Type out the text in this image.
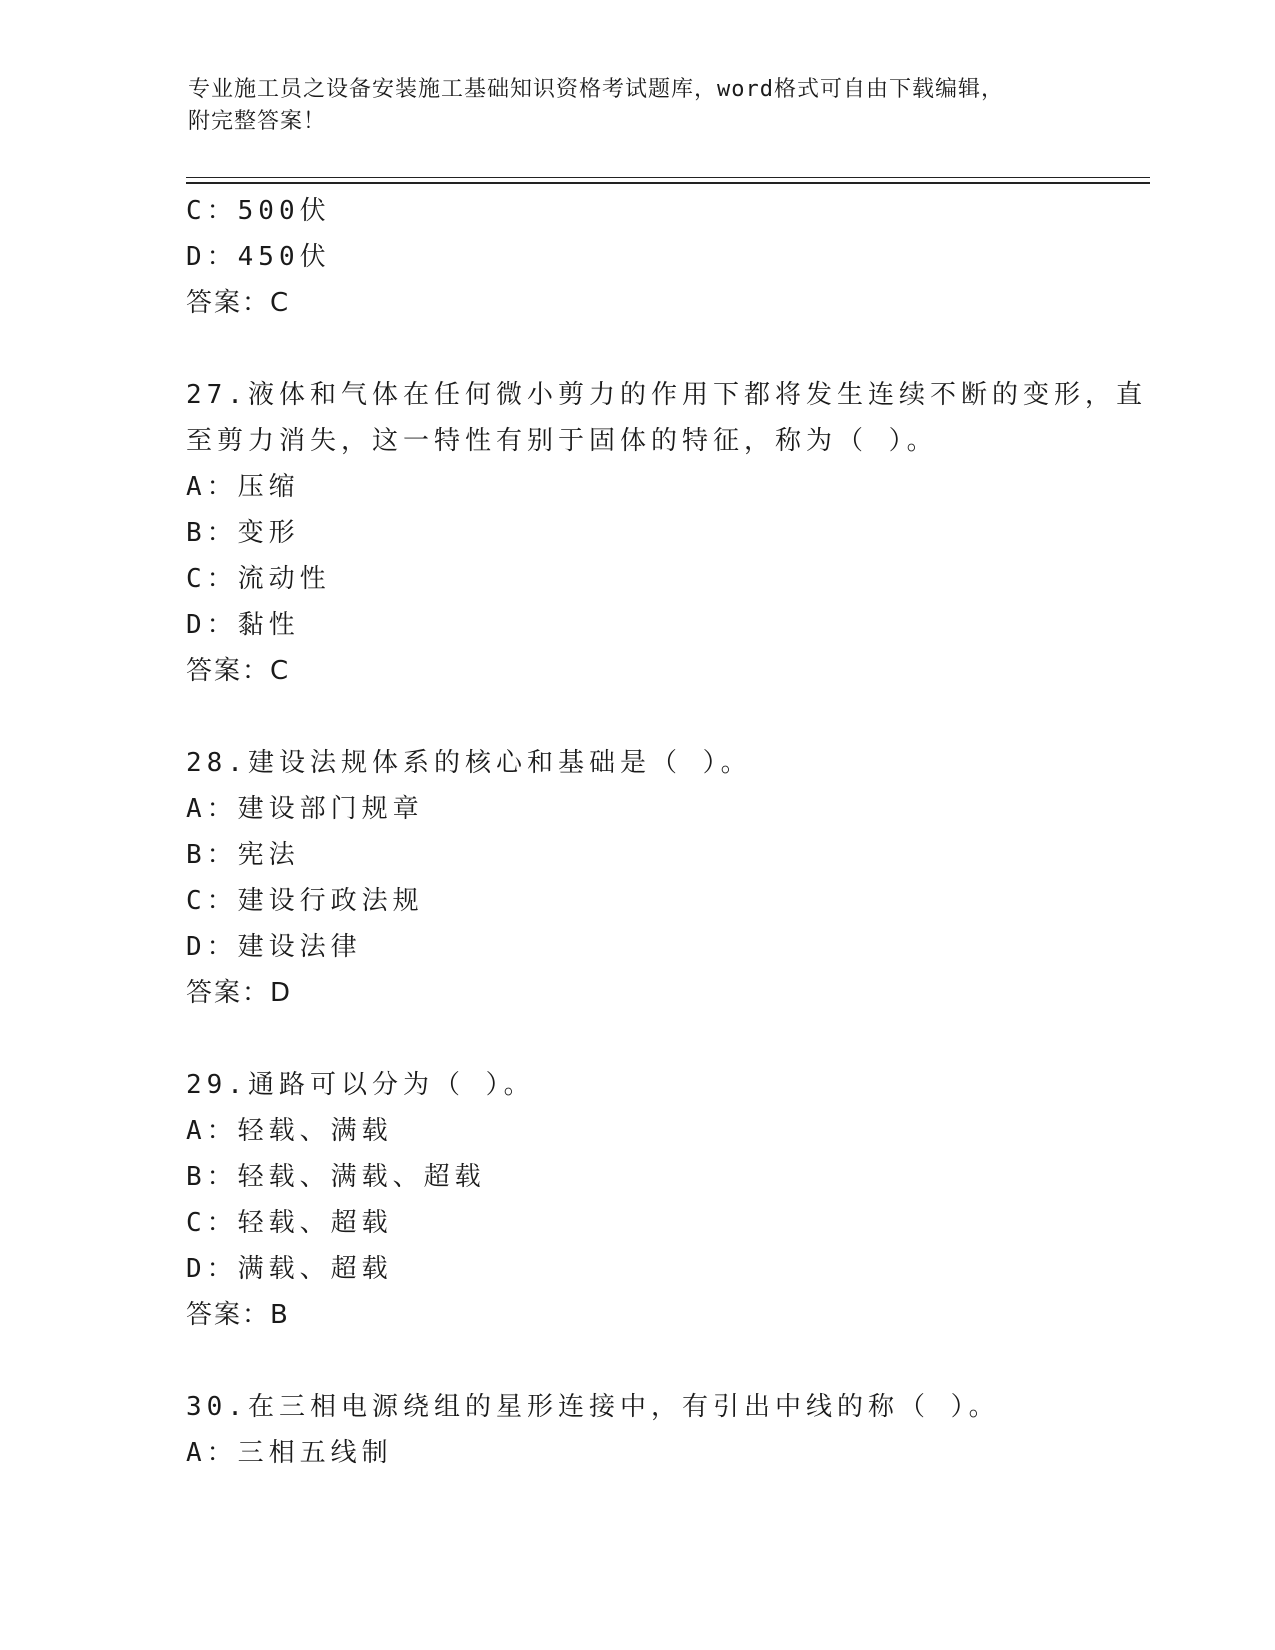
专业施工员之设备安装施工基础知识资格考试题库，word格式可自由下载编辑，
附完整答案！
C：500伏
D：450伏
答案：C
27.液体和气体在任何微小剪力的作用下都将发生连续不断的变形，直
至剪力消失，这一特性有别于固体的特征，称为（ ）。
A：压缩
B：变形
C：流动性
D：黏性
答案：C
28.建设法规体系的核心和基础是（ ）。
A：建设部门规章
B：宪法
C：建设行政法规
D：建设法律
答案：D
29.通路可以分为（ ）。
A：轻载、满载
B：轻载、满载、超载
C：轻载、超载
D：满载、超载
答案：B
30.在三相电源绕组的星形连接中，有引出中线的称（ ）。
A：三相五线制
